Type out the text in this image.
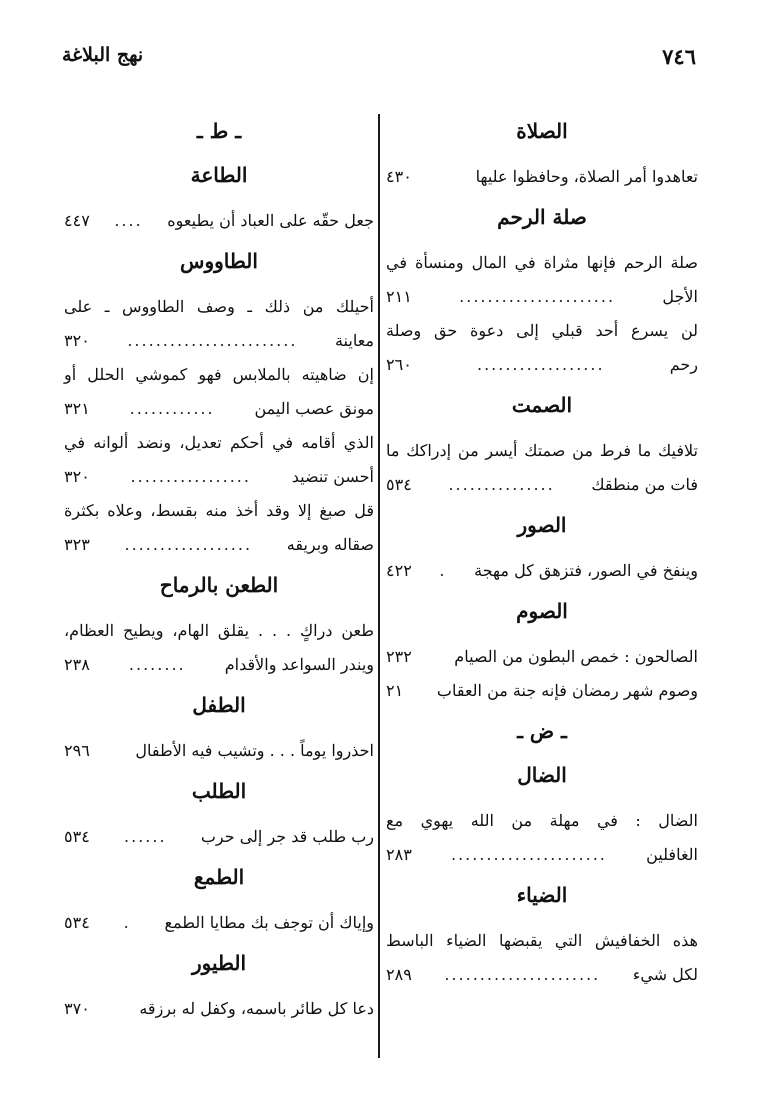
نهج البلاغة	٧٤٦
الصلاة
تعاهدوا أمر الصلاة، وحافظوا عليها
٤٣٠
صلة الرحم
صلة الرحم فإنها مثراة في المال ومنسأة في
الأجل
......................
٢١١
لن يسرع أحد قبلي إلى دعوة حق وصلة
رحم
..................
٢٦٠
الصمت
تلافيك ما فرط من صمتك أيسر من إدراكك ما
فات من منطقك
...............
٥٣٤
الصور
وينفخ في الصور، فتزهق كل مهجة
.
٤٢٢
الصوم
الصالحون : خمص البطون من الصيام
٢٣٢
وصوم شهر رمضان فإنه جنة من العقاب
٢١
ـ ض ـ
الضال
الضال : في مهلة من الله يهوي مع
الغافلين
......................
٢٨٣
الضياء
هذه الخفافيش التي يقبضها الضياء الباسط
لكل شيء
......................
٢٨٩
ـ ط ـ
الطاعة
جعل حقّه على العباد أن يطيعوه
....
٤٤٧
الطاووس
أحيلك من ذلك ـ وصف الطاووس ـ على
معاينة
........................
٣٢٠
إن ضاهيته بالملابس فهو كموشي الحلل أو
مونق عصب اليمن
............
٣٢١
الذي أقامه في أحكم تعديل، ونضد ألوانه في
أحسن تنضيد
.................
٣٢٠
قل صبغ إلا وقد أخذ منه بقسط، وعلاه بكثرة
صقاله وبريقه
..................
٣٢٣
الطعن بالرماح
طعن دراكٍ . . . يقلق الهام، ويطيح العظام،
ويندر السواعد والأقدام
........
٢٣٨
الطفل
احذروا يوماً . . . وتشيب فيه الأطفال
٢٩٦
الطلب
رب طلب قد جر إلى حرب
......
٥٣٤
الطمع
وإياك أن توجف بك مطايا الطمع
.
٥٣٤
الطيور
دعا كل طائر باسمه، وكفل له برزقه
٣٧٠
